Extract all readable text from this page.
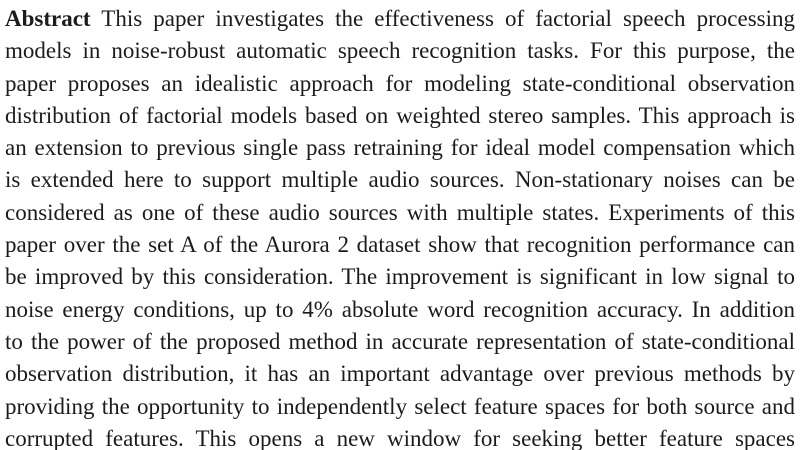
Abstract This paper investigates the effectiveness of factorial speech processing
models in noise-robust automatic speech recognition tasks. For this purpose, the
paper proposes an idealistic approach for modeling state-conditional observation
distribution of factorial models based on weighted stereo samples. This approach is
an extension to previous single pass retraining for ideal model compensation which
is extended here to support multiple audio sources. Non-stationary noises can be
considered as one of these audio sources with multiple states. Experiments of this
paper over the set A of the Aurora 2 dataset show that recognition performance can
be improved by this consideration. The improvement is significant in low signal to
noise energy conditions, up to 4% absolute word recognition accuracy. In addition
to the power of the proposed method in accurate representation of state-conditional
observation distribution, it has an important advantage over previous methods by
providing the opportunity to independently select feature spaces for both source and
corrupted features. This opens a new window for seeking better feature spaces
